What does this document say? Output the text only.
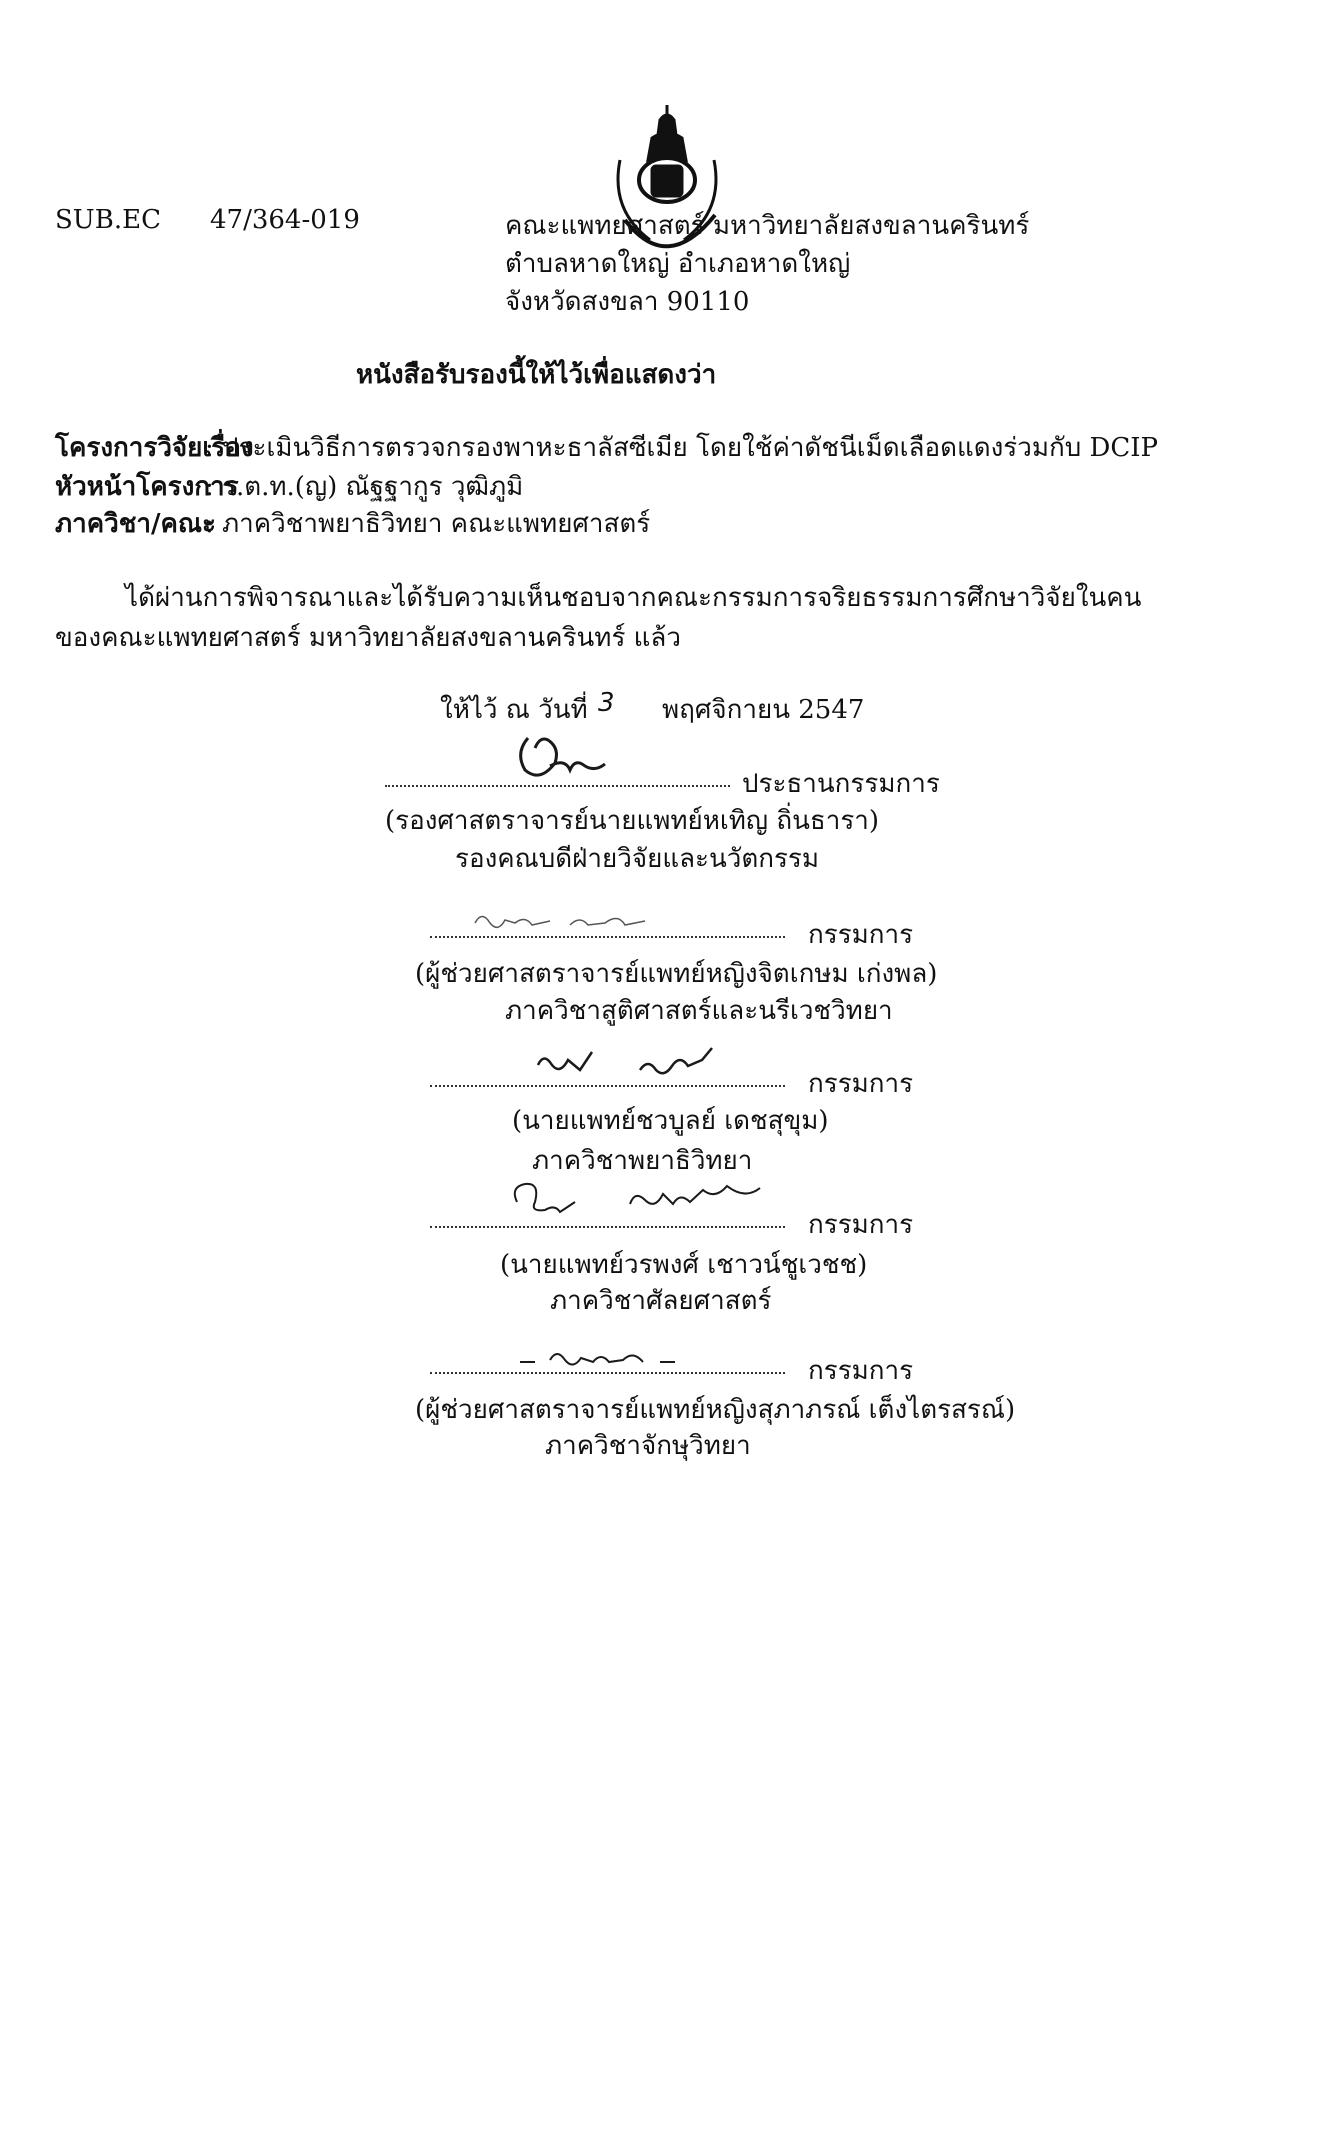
SUB.EC 47/364-019	คณะแพทยศาสตร์ มหาวิทยาลัยสงขลานครินทร์
ตำบลหาดใหญ่ อำเภอหาดใหญ่
จังหวัดสงขลา 90110
หนังสือรับรองนี้ให้ไว้เพื่อแสดงว่า
โครงการวิจัยเรื่อง
: ประเมินวิธีการตรวจกรองพาหะธาลัสซีเมีย โดยใช้ค่าดัชนีเม็ดเลือดแดงร่วมกับ DCIP
หัวหน้าโครงการ
: ร.ต.ท.(ญ) ณัฐฐากูร วุฒิภูมิ
ภาควิชา/คณะ
: ภาควิชาพยาธิวิทยา คณะแพทยศาสตร์
ได้ผ่านการพิจารณาและได้รับความเห็นชอบจากคณะกรรมการจริยธรรมการศึกษาวิจัยในคน
ของคณะแพทยศาสตร์ มหาวิทยาลัยสงขลานครินทร์ แล้ว
ให้ไว้ ณ วันที่ 3 พฤศจิกายน 2547
ประธานกรรมการ
(รองศาสตราจารย์นายแพทย์หเทิญ ถิ่นธารา)
รองคณบดีฝ่ายวิจัยและนวัตกรรม
กรรมการ
(ผู้ช่วยศาสตราจารย์แพทย์หญิงจิตเกษม เก่งพล)
ภาควิชาสูติศาสตร์และนรีเวชวิทยา
กรรมการ
(นายแพทย์ชวบูลย์ เดชสุขุม)
ภาควิชาพยาธิวิทยา
กรรมการ
(นายแพทย์วรพงศ์ เชาวน์ชูเวชช)
ภาควิชาศัลยศาสตร์
กรรมการ
(ผู้ช่วยศาสตราจารย์แพทย์หญิงสุภาภรณ์ เต็งไตรสรณ์)
ภาควิชาจักษุวิทยา
